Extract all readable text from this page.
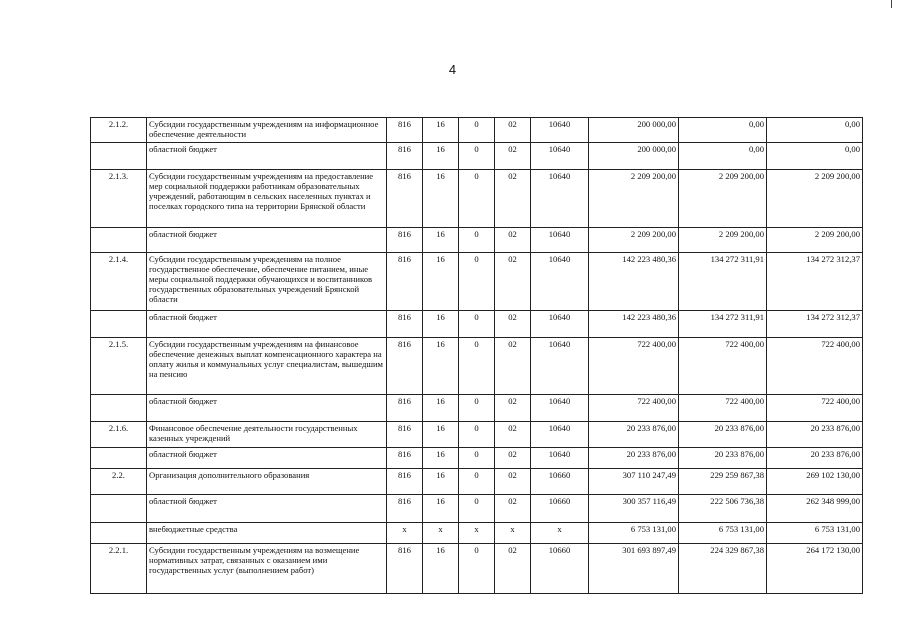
4
2.1.2.	Субсидии государственным учреждениям на информационное обеспечение деятельности	816	16	0	02	10640	200 000,00	0,00	0,00
	областной бюджет	816	16	0	02	10640	200 000,00	0,00	0,00
2.1.3.	Субсидии государственным учреждениям на предоставление мер социальной поддержки работникам образовательных учреждений, работающим в сельских населенных пунктах и поселках городского типа на территории Брянской области	816	16	0	02	10640	2 209 200,00	2 209 200,00	2 209 200,00
	областной бюджет	816	16	0	02	10640	2 209 200,00	2 209 200,00	2 209 200,00
2.1.4.	Субсидии государственным учреждениям на полное государственное обеспечение, обеспечение питанием, иные меры социальной поддержки обучающихся и воспитанников государственных образовательных учреждений Брянской области	816	16	0	02	10640	142 223 480,36	134 272 311,91	134 272 312,37
	областной бюджет	816	16	0	02	10640	142 223 480,36	134 272 311,91	134 272 312,37
2.1.5.	Субсидии государственным учреждениям на финансовое обеспечение денежных выплат компенсационного характера на оплату жилья и коммунальных услуг специалистам, вышедшим на пенсию	816	16	0	02	10640	722 400,00	722 400,00	722 400,00
	областной бюджет	816	16	0	02	10640	722 400,00	722 400,00	722 400,00
2.1.6.	Финансовое обеспечение деятельности государственных казенных учреждений	816	16	0	02	10640	20 233 876,00	20 233 876,00	20 233 876,00
	областной бюджет	816	16	0	02	10640	20 233 876,00	20 233 876,00	20 233 876,00
2.2.	Организация дополнительного образования	816	16	0	02	10660	307 110 247,49	229 259 867,38	269 102 130,00
	областной бюджет	816	16	0	02	10660	300 357 116,49	222 506 736,38	262 348 999,00
	внебюджетные средства	х	х	х	х	х	6 753 131,00	6 753 131,00	6 753 131,00
2.2.1.	Субсидии государственным учреждениям на возмещение нормативных затрат, связанных с оказанием ими государственных услуг (выполнением работ)	816	16	0	02	10660	301 693 897,49	224 329 867,38	264 172 130,00
